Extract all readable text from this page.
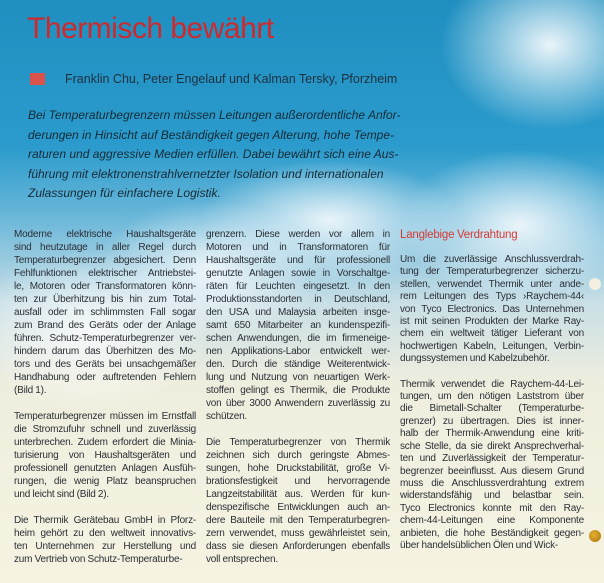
Thermisch bewährt
Franklin Chu, Peter Engelauf und Kalman Tersky, Pforzheim
Bei Temperaturbegrenzern müssen Leitungen außerordentliche Anfor-
derungen in Hinsicht auf Beständigkeit gegen Alterung, hohe Tempe-
raturen und aggressive Medien erfüllen. Dabei bewährt sich eine Aus-
führung mit elektronenstrahlvernetzter Isolation und internationalen
Zulassungen für einfachere Logistik.
Moderne elektrische Haushaltsgeräte
sind heutzutage in aller Regel durch
Temperaturbegrenzer abgesichert. Denn
Fehlfunktionen elektrischer Antriebstei-
le, Motoren oder Transformatoren könn-
ten zur Überhitzung bis hin zum Total-
ausfall oder im schlimmsten Fall sogar
zum Brand des Geräts oder der Anlage
führen. Schutz-Temperaturbegrenzer ver-
hindern darum das Überhitzen des Mo-
tors und des Geräts bei unsachgemäßer
Handhabung oder auftretenden Fehlern
(Bild 1).
Temperaturbegrenzer müssen im Ernstfall
die Stromzufuhr schnell und zuverlässig
unterbrechen. Zudem erfordert die Minia-
turisierung von Haushaltsgeräten und
professionell genutzten Anlagen Ausfüh-
rungen, die wenig Platz beanspruchen
und leicht sind (Bild 2).
Die Thermik Gerätebau GmbH in Pforz-
heim gehört zu den weltweit innovativs-
ten Unternehmen zur Herstellung und
zum Vertrieb von Schutz-Temperaturbe-
grenzern. Diese werden vor allem in
Motoren und in Transformatoren für
Haushaltsgeräte und für professionell
genutzte Anlagen sowie in Vorschaltge-
räten für Leuchten eingesetzt. In den
Produktionsstandorten in Deutschland,
den USA und Malaysia arbeiten insge-
samt 650 Mitarbeiter an kundenspezifi-
schen Anwendungen, die im firmeneige-
nen Applikations-Labor entwickelt wer-
den. Durch die ständige Weiterentwick-
lung und Nutzung von neuartigen Werk-
stoffen gelingt es Thermik, die Produkte
von über 3000 Anwendern zuverlässig zu
schützen.
Die Temperaturbegrenzer von Thermik
zeichnen sich durch geringste Abmes-
sungen, hohe Druckstabilität, große Vi-
brationsfestigkeit und hervorragende
Langzeitstabilität aus. Werden für kun-
denspezifische Entwicklungen auch an-
dere Bauteile mit den Temperaturbegren-
zern verwendet, muss gewährleistet sein,
dass sie diesen Anforderungen ebenfalls
voll entsprechen.
Langlebige Verdrahtung
Um die zuverlässige Anschlussverdrah-
tung der Temperaturbegrenzer sicherzu-
stellen, verwendet Thermik unter ande-
rem Leitungen des Typs ›Raychem-44‹
von Tyco Electronics. Das Unternehmen
ist mit seinen Produkten der Marke Ray-
chem ein weltweit tätiger Lieferant von
hochwertigen Kabeln, Leitungen, Verbin-
dungssystemen und Kabelzubehör.
Thermik verwendet die Raychem-44-Lei-
tungen, um den nötigen Laststrom über
die Bimetall-Schalter (Temperaturbe-
grenzer) zu übertragen. Dies ist inner-
halb der Thermik-Anwendung eine kriti-
sche Stelle, da sie direkt Ansprechverhal-
ten und Zuverlässigkeit der Temperatur-
begrenzer beeinflusst. Aus diesem Grund
muss die Anschlussverdrahtung extrem
widerstandsfähig und belastbar sein.
Tyco Electronics konnte mit den Ray-
chem-44-Leitungen eine Komponente
anbieten, die hohe Beständigkeit gegen-
über handelsüblichen Ölen und Wick-
